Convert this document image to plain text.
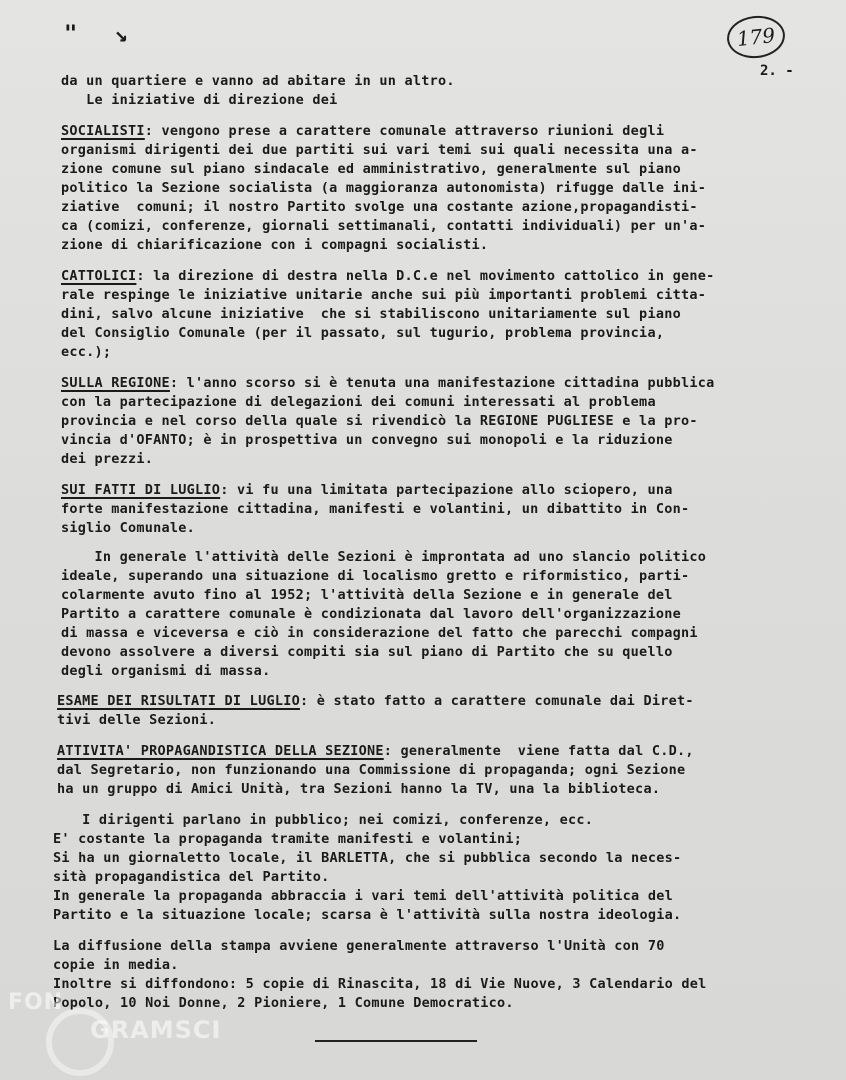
" ↘	179
2. -
da un quartiere e vanno ad abitare in un altro.
Le iniziative di direzione dei
SOCIALISTI: vengono prese a carattere comunale attraverso riunioni degli
organismi dirigenti dei due partiti sui vari temi sui quali necessita una a-
zione comune sul piano sindacale ed amministrativo, generalmente sul piano
politico la Sezione socialista (a maggioranza autonomista) rifugge dalle ini-
ziative  comuni; il nostro Partito svolge una costante azione,propagandisti-
ca (comizi, conferenze, giornali settimanali, contatti individuali) per un'a-
zione di chiarificazione con i compagni socialisti.
CATTOLICI: la direzione di destra nella D.C.e nel movimento cattolico in gene-
rale respinge le iniziative unitarie anche sui più importanti problemi citta-
dini, salvo alcune iniziative  che si stabiliscono unitariamente sul piano
del Consiglio Comunale (per il passato, sul tugurio, problema provincia,
ecc.);
SULLA REGIONE: l'anno scorso si è tenuta una manifestazione cittadina pubblica
con la partecipazione di delegazioni dei comuni interessati al problema
provincia e nel corso della quale si rivendicò la REGIONE PUGLIESE e la pro-
vincia d'OFANTO; è in prospettiva un convegno sui monopoli e la riduzione
dei prezzi.
SUI FATTI DI LUGLIO: vi fu una limitata partecipazione allo sciopero, una
forte manifestazione cittadina, manifesti e volantini, un dibattito in Con-
siglio Comunale.
In generale l'attività delle Sezioni è improntata ad uno slancio politico
ideale, superando una situazione di localismo gretto e riformistico, parti-
colarmente avuto fino al 1952; l'attività della Sezione e in generale del
Partito a carattere comunale è condizionata dal lavoro dell'organizzazione
di massa e viceversa e ciò in considerazione del fatto che parecchi compagni
devono assolvere a diversi compiti sia sul piano di Partito che su quello
degli organismi di massa.
ESAME DEI RISULTATI DI LUGLIO: è stato fatto a carattere comunale dai Diret-
tivi delle Sezioni.
ATTIVITA' PROPAGANDISTICA DELLA SEZIONE: generalmente  viene fatta dal C.D.,
dal Segretario, non funzionando una Commissione di propaganda; ogni Sezione
ha un gruppo di Amici Unità, tra Sezioni hanno la TV, una la biblioteca.
I dirigenti parlano in pubblico; nei comizi, conferenze, ecc.
E' costante la propaganda tramite manifesti e volantini;
Si ha un giornaletto locale, il BARLETTA, che si pubblica secondo la neces-
sità propagandistica del Partito.
In generale la propaganda abbraccia i vari temi dell'attività politica del
Partito e la situazione locale; scarsa è l'attività sulla nostra ideologia.
La diffusione della stampa avviene generalmente attraverso l'Unità con 70
copie in media.
Inoltre si diffondono: 5 copie di Rinascita, 18 di Vie Nuove, 3 Calendario del
Popolo, 10 Noi Donne, 2 Pioniere, 1 Comune Democratico.
FON
GRAMSCI
